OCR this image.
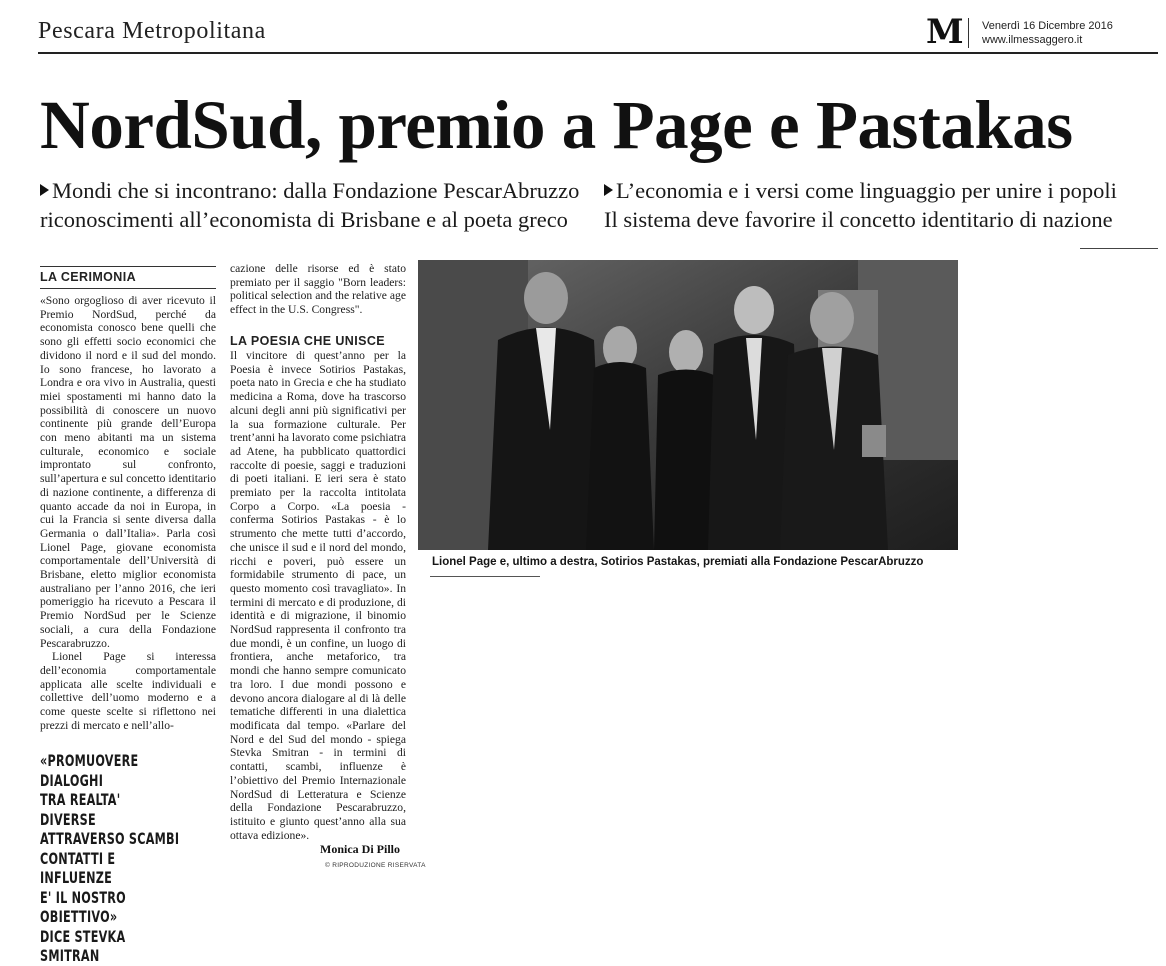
Pescara Metropolitana	M Venerdì 16 Dicembre 2016
www.ilmessaggero.it
NordSud, premio a Page e Pastakas
Mondi che si incontrano: dalla Fondazione PescarAbruzzo
riconoscimenti all’economista di Brisbane e al poeta greco
L’economia e i versi come linguaggio per unire i popoli
Il sistema deve favorire il concetto identitario di nazione
LA CERIMONIA

«Sono orgoglioso di aver ricevuto il Premio NordSud, perché da economista conosco bene quelli che sono gli effetti socio economici che dividono il nord e il sud del mondo. Io sono francese, ho lavorato a Londra e ora vivo in Australia, questi miei spostamenti mi hanno dato la possibilità di conoscere un nuovo continente più grande dell’Europa con meno abitanti ma un sistema culturale, economico e sociale improntato sul confronto, sull’apertura e sul concetto identitario di nazione continente, a differenza di quanto accade da noi in Europa, in cui la Francia si sente diversa dalla Germania o dall’Italia». Parla così Lionel Page, giovane economista comportamentale dell’Università di Brisbane, eletto miglior economista australiano per l’anno 2016, che ieri pomeriggio ha ricevuto a Pescara il Premio NordSud per le Scienze sociali, a cura della Fondazione Pescarabruzzo.

Lionel Page si interessa dell’economia comportamentale applicata alle scelte individuali e collettive dell’uomo moderno e a come queste scelte si riflettono nei prezzi di mercato e nell’allo-

«PROMUOVERE DIALOGHI
TRA REALTA' DIVERSE
ATTRAVERSO SCAMBI
CONTATTI E INFLUENZE
E' IL NOSTRO OBIETTIVO»
DICE STEVKA SMITRAN

cazione delle risorse ed è stato premiato per il saggio "Born leaders: political selection and the relative age effect in the U.S. Congress".

LA POESIA CHE UNISCE

Il vincitore di quest’anno per la Poesia è invece Sotirios Pastakas, poeta nato in Grecia e che ha studiato medicina a Roma, dove ha trascorso alcuni degli anni più significativi per la sua formazione culturale. Per trent’anni ha lavorato come psichiatra ad Atene, ha pubblicato quattordici raccolte di poesie, saggi e traduzioni di poeti italiani. E ieri sera è stato premiato per la raccolta intitolata Corpo a Corpo. «La poesia - conferma Sotirios Pastakas - è lo strumento che mette tutti d’accordo, che unisce il sud e il nord del mondo, ricchi e poveri, può essere un formidabile strumento di pace, un questo momento così travagliato». In termini di mercato e di produzione, di identità e di migrazione, il binomio NordSud rappresenta il confronto tra due mondi, è un confine, un luogo di frontiera, anche metaforico, tra mondi che hanno sempre comunicato tra loro. I due mondi possono e devono ancora dialogare al di là delle tematiche differenti in una dialettica modificata dal tempo. «Parlare del Nord e del Sud del mondo - spiega Stevka Smitran - in termini di contatti, scambi, influenze è l’obiettivo del Premio Internazionale NordSud di Letteratura e Scienze della Fondazione Pescarabruzzo, istituito e giunto quest’anno alla sua ottava edizione».

Monica Di Pillo
© RIPRODUZIONE RISERVATA
Lionel Page e, ultimo a destra, Sotirios Pastakas, premiati alla Fondazione PescarAbruzzo
